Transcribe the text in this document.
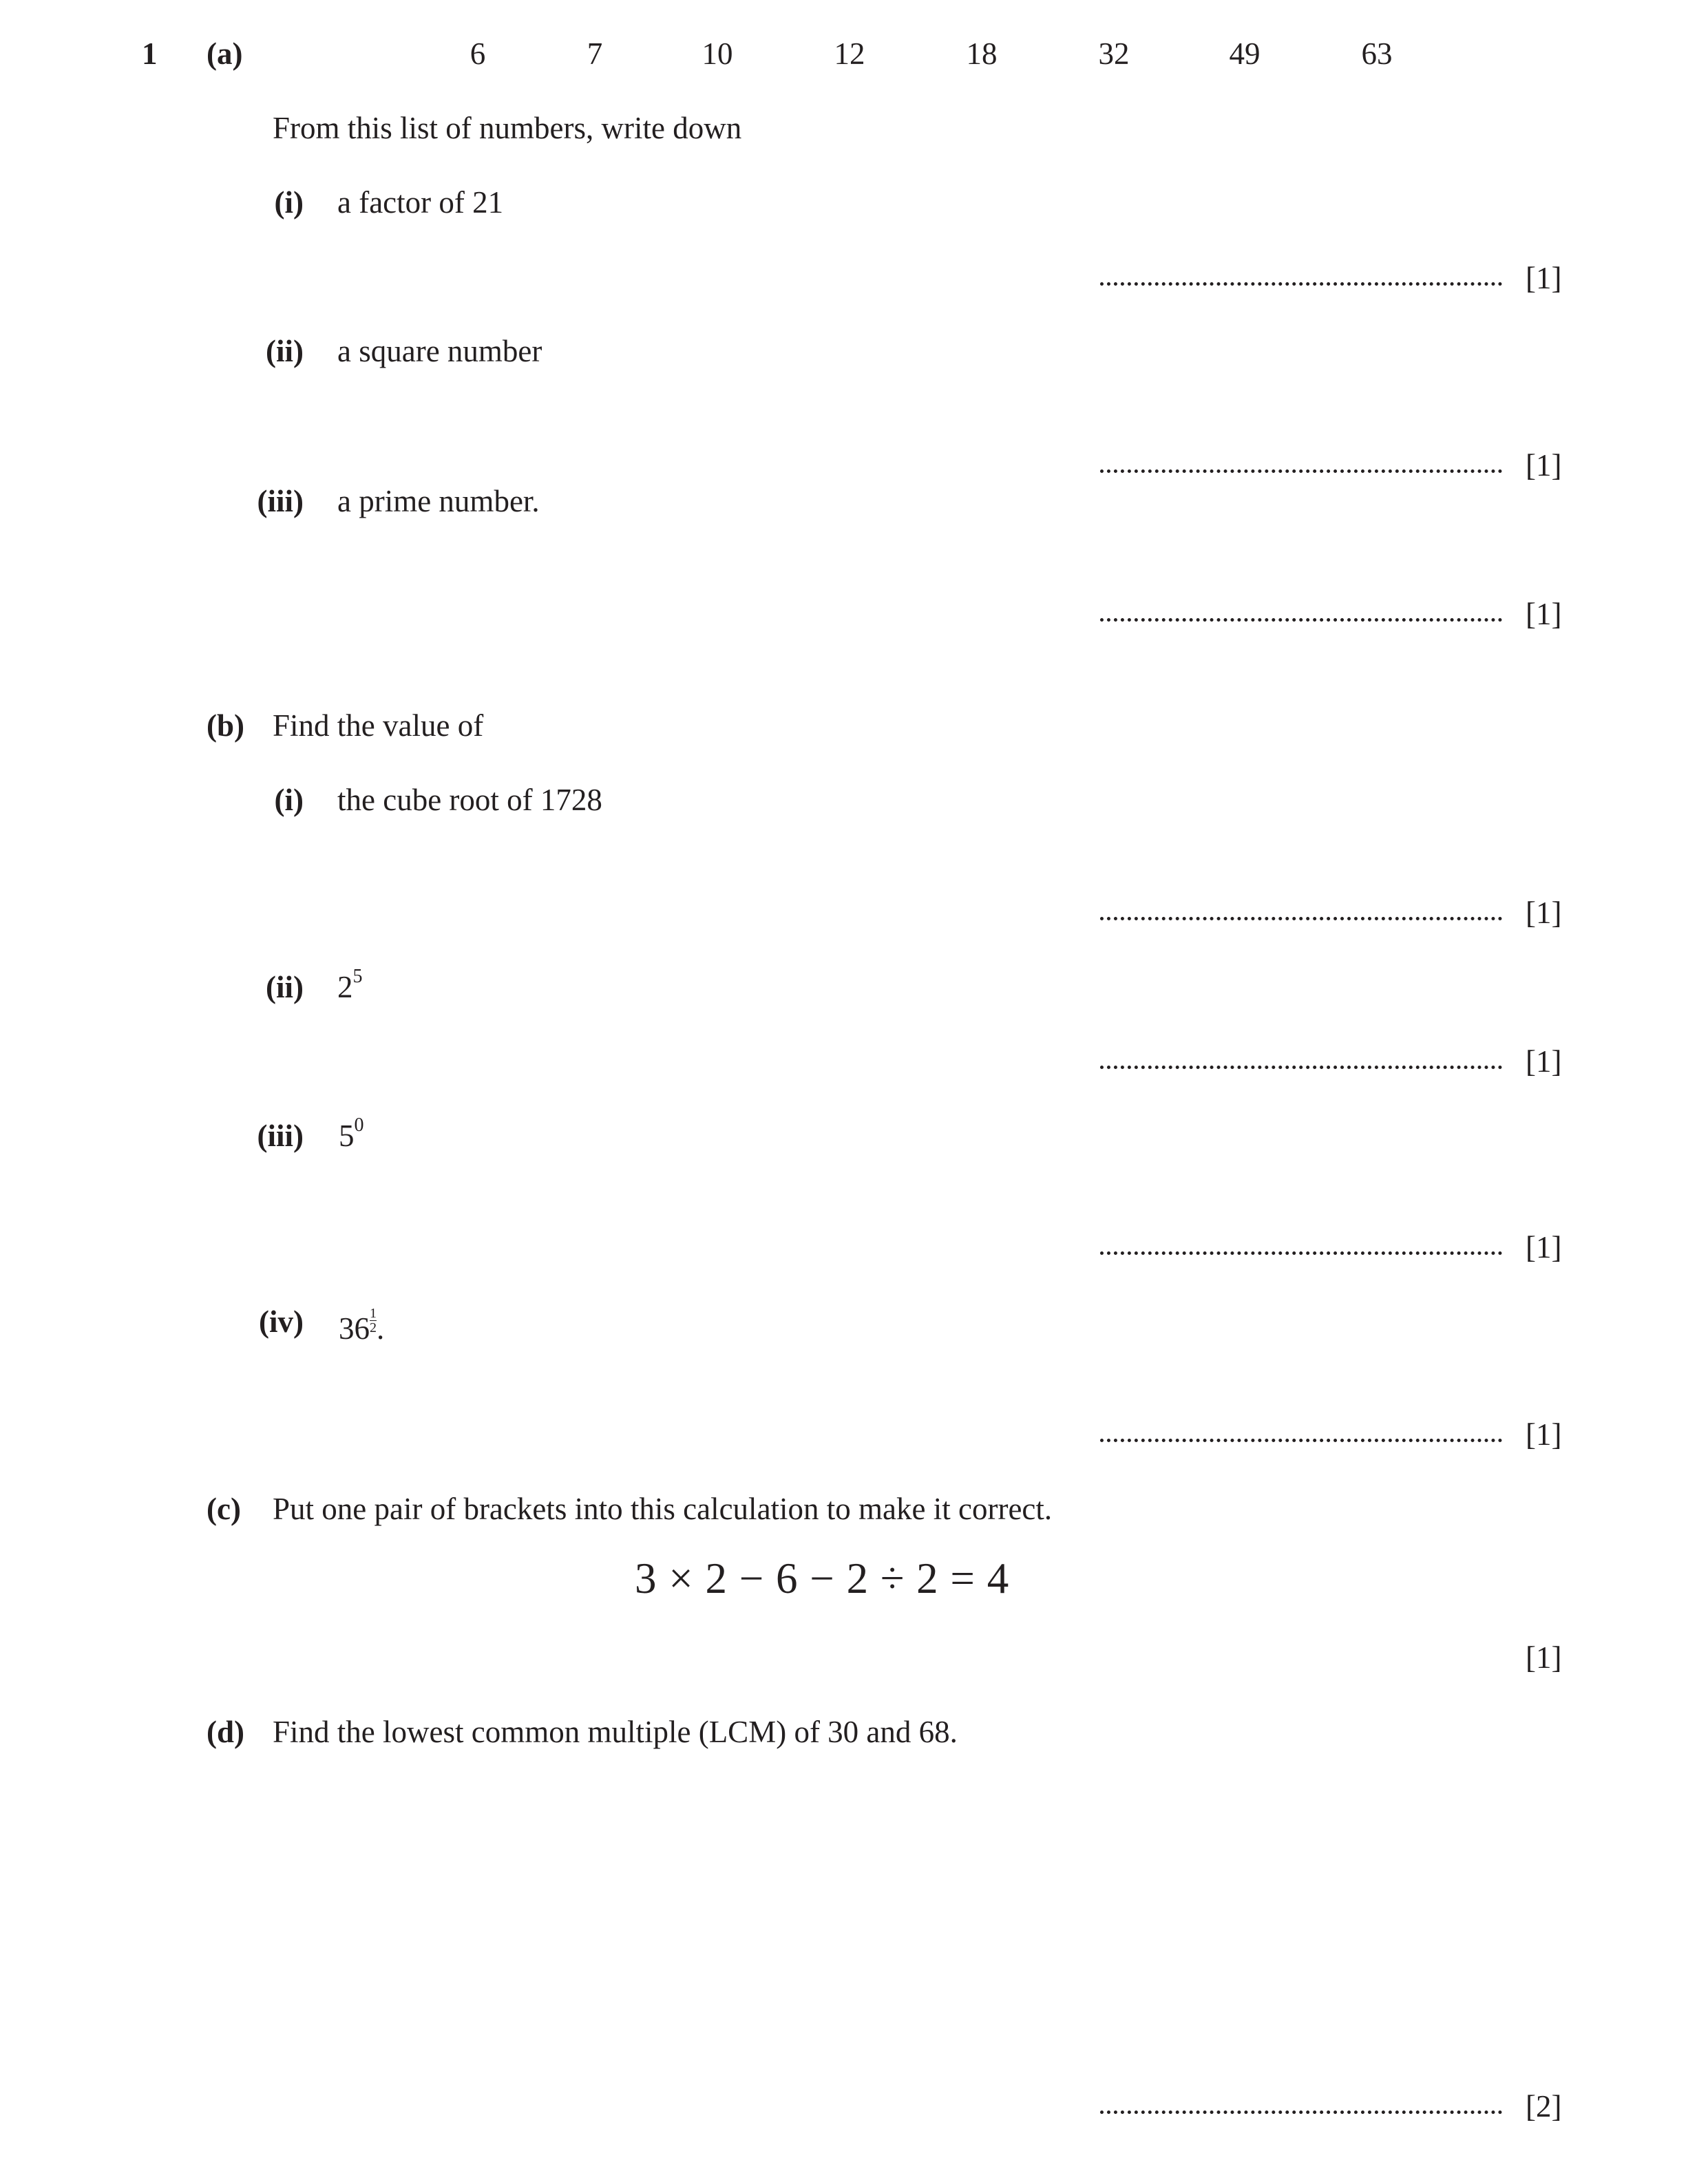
1 (a)	6	7	10	12	18	32	49	63
From this list of numbers, write down
(i) a factor of 21
[1]
(ii) a square number
[1]
(iii) a prime number.
[1]
(b) Find the value of
(i) the cube root of 1728
[1]
(ii) $2^5$
[1]
(iii) $5^0$
[1]
(iv) $36 \frac{1}{2}$ .
[1]
(c) Put one pair of brackets into this calculation to make it correct.
3 × 2 − 6 − 2 ÷ 2 = 4
[1]
(d) Find the lowest common multiple (LCM) of 30 and 68.
[2]
